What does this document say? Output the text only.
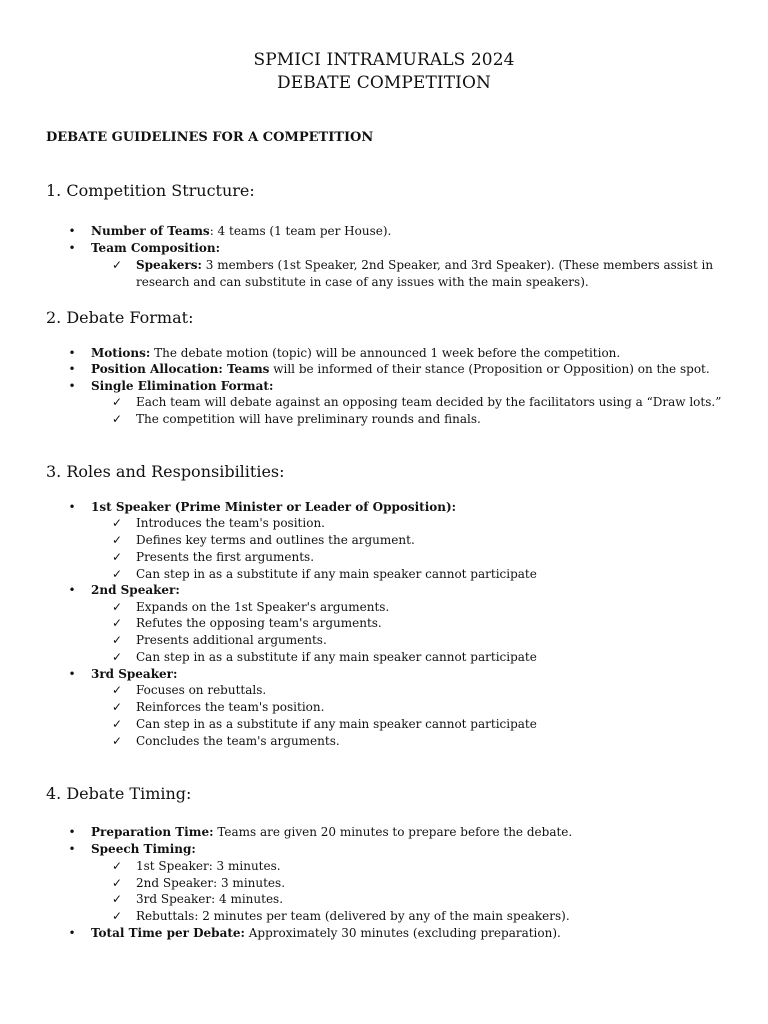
SPMICI INTRAMURALS 2024
DEBATE COMPETITION
DEBATE GUIDELINES FOR A COMPETITION
1. Competition Structure:
• Number of Teams: 4 teams (1 team per House).
• Team Composition:
✓ Speakers: 3 members (1st Speaker, 2nd Speaker, and 3rd Speaker). (These members assist in
research and can substitute in case of any issues with the main speakers).
2. Debate Format:
• Motions: The debate motion (topic) will be announced 1 week before the competition.
• Position Allocation: Teams will be informed of their stance (Proposition or Opposition) on the spot.
• Single Elimination Format:
✓ Each team will debate against an opposing team decided by the facilitators using a “Draw lots.”
✓ The competition will have preliminary rounds and finals.
3. Roles and Responsibilities:
• 1st Speaker (Prime Minister or Leader of Opposition):
✓ Introduces the team's position.
✓ Defines key terms and outlines the argument.
✓ Presents the first arguments.
✓ Can step in as a substitute if any main speaker cannot participate
• 2nd Speaker:
✓ Expands on the 1st Speaker's arguments.
✓ Refutes the opposing team's arguments.
✓ Presents additional arguments.
✓ Can step in as a substitute if any main speaker cannot participate
• 3rd Speaker:
✓ Focuses on rebuttals.
✓ Reinforces the team's position.
✓ Can step in as a substitute if any main speaker cannot participate
✓ Concludes the team's arguments.
4. Debate Timing:
• Preparation Time: Teams are given 20 minutes to prepare before the debate.
• Speech Timing:
✓ 1st Speaker: 3 minutes.
✓ 2nd Speaker: 3 minutes.
✓ 3rd Speaker: 4 minutes.
✓ Rebuttals: 2 minutes per team (delivered by any of the main speakers).
• Total Time per Debate: Approximately 30 minutes (excluding preparation).
